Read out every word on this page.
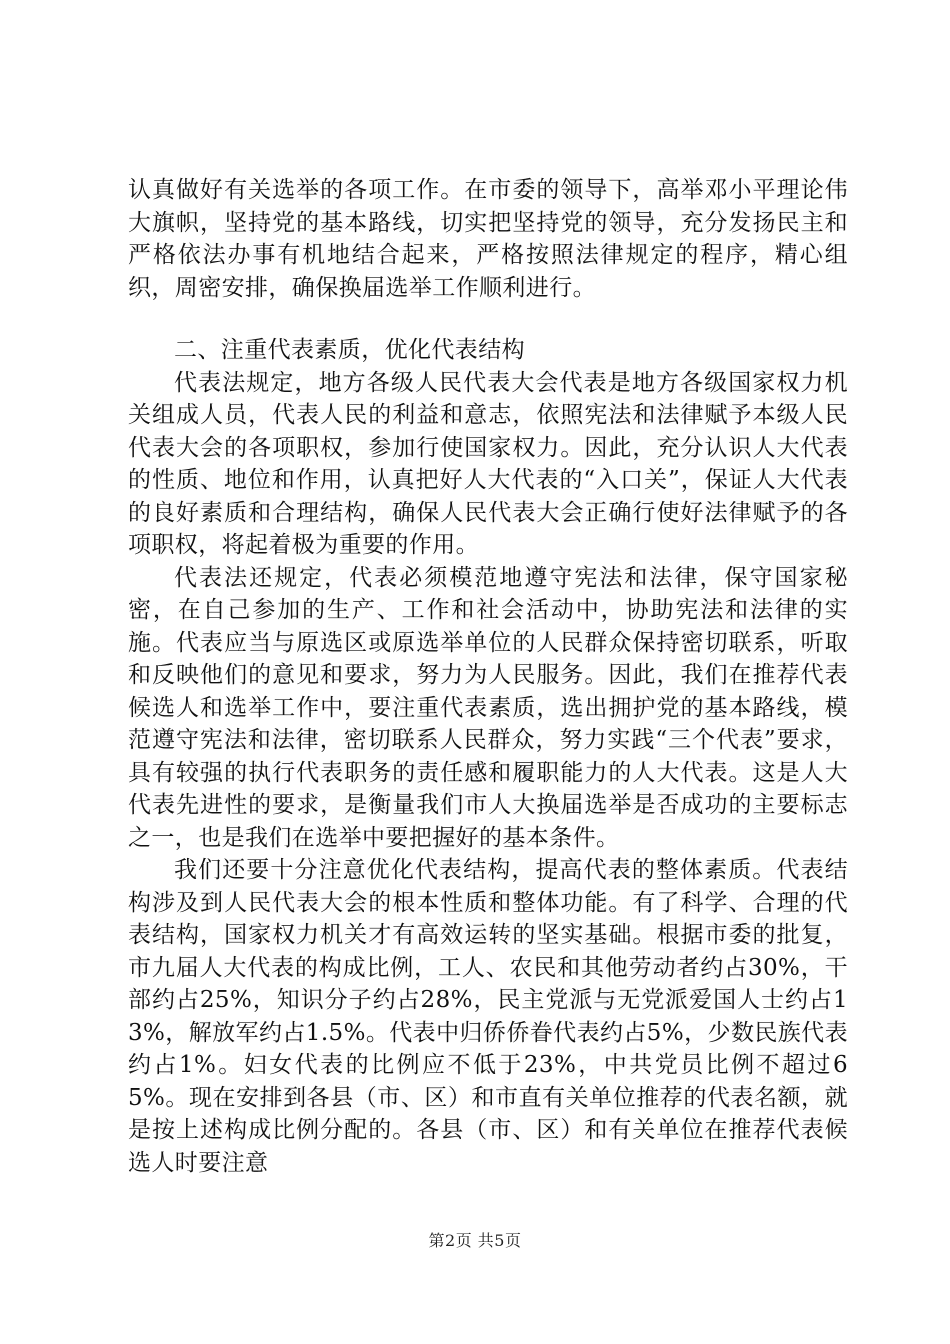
认真做好有关选举的各项工作。在市委的领导下，高举邓小平理论伟大旗帜，坚持党的基本路线，切实把坚持党的领导，充分发扬民主和严格依法办事有机地结合起来，严格按照法律规定的程序，精心组织，周密安排，确保换届选举工作顺利进行。

二、注重代表素质，优化代表结构

代表法规定，地方各级人民代表大会代表是地方各级国家权力机关组成人员，代表人民的利益和意志，依照宪法和法律赋予本级人民代表大会的各项职权，参加行使国家权力。因此，充分认识人大代表的性质、地位和作用，认真把好人大代表的“入口关”，保证人大代表的良好素质和合理结构，确保人民代表大会正确行使好法律赋予的各项职权，将起着极为重要的作用。

代表法还规定，代表必须模范地遵守宪法和法律，保守国家秘密，在自己参加的生产、工作和社会活动中，协助宪法和法律的实施。代表应当与原选区或原选举单位的人民群众保持密切联系，听取和反映他们的意见和要求，努力为人民服务。因此，我们在推荐代表候选人和选举工作中，要注重代表素质，选出拥护党的基本路线，模范遵守宪法和法律，密切联系人民群众，努力实践“三个代表”要求，具有较强的执行代表职务的责任感和履职能力的人大代表。这是人大代表先进性的要求，是衡量我们市人大换届选举是否成功的主要标志之一，也是我们在选举中要把握好的基本条件。

我们还要十分注意优化代表结构，提高代表的整体素质。代表结构涉及到人民代表大会的根本性质和整体功能。有了科学、合理的代表结构，国家权力机关才有高效运转的坚实基础。根据市委的批复，市九届人大代表的构成比例，工人、农民和其他劳动者约占30%，干部约占25%，知识分子约占28%，民主党派与无党派爱国人士约占13%，解放军约占1.5%。代表中归侨侨眷代表约占5%，少数民族代表约占1%。妇女代表的比例应不低于23%，中共党员比例不超过65%。现在安排到各县（市、区）和市直有关单位推荐的代表名额，就是按上述构成比例分配的。各县（市、区）和有关单位在推荐代表候选人时要注意

第2页 共5页
